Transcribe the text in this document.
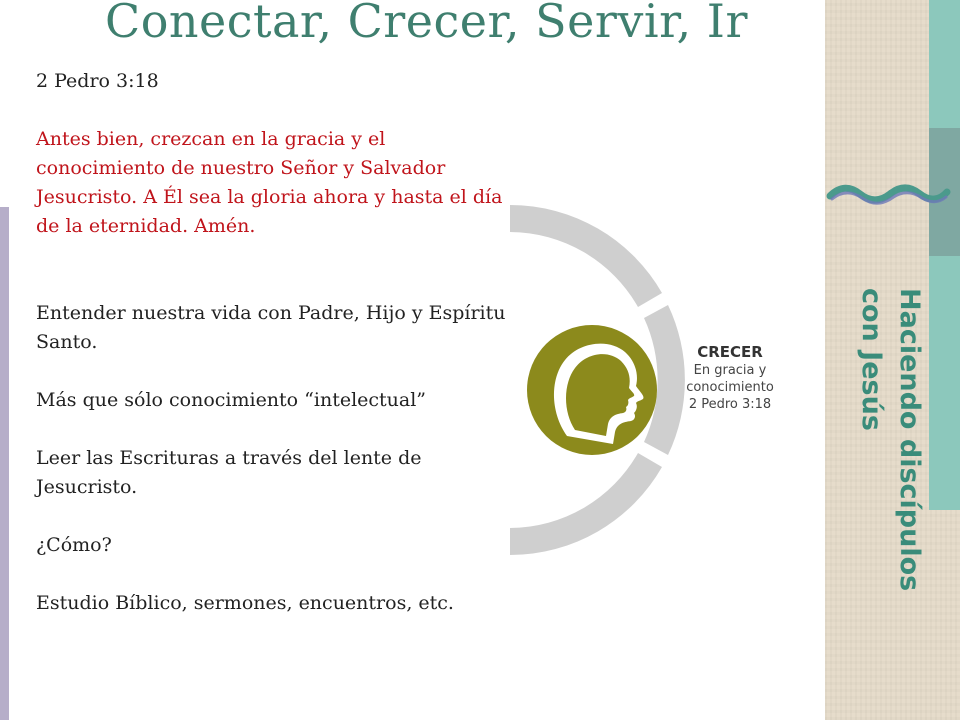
Conectar, Crecer, Servir, Ir

2 Pedro 3:18

Antes bien, crezcan en la gracia y el conocimiento de nuestro Señor y Salvador Jesucristo. A Él sea la gloria ahora y hasta el día de la eternidad. Amén.

Entender nuestra vida con Padre, Hijo y Espíritu Santo.

Más que sólo conocimiento “intelectual”

Leer las Escrituras a través del lente de Jesucristo.

¿Cómo?

Estudio Bíblico, sermones, encuentros, etc.

CRECER
En gracia y
conocimiento
2 Pedro 3:18	Haciendo discípulos con Jesús
